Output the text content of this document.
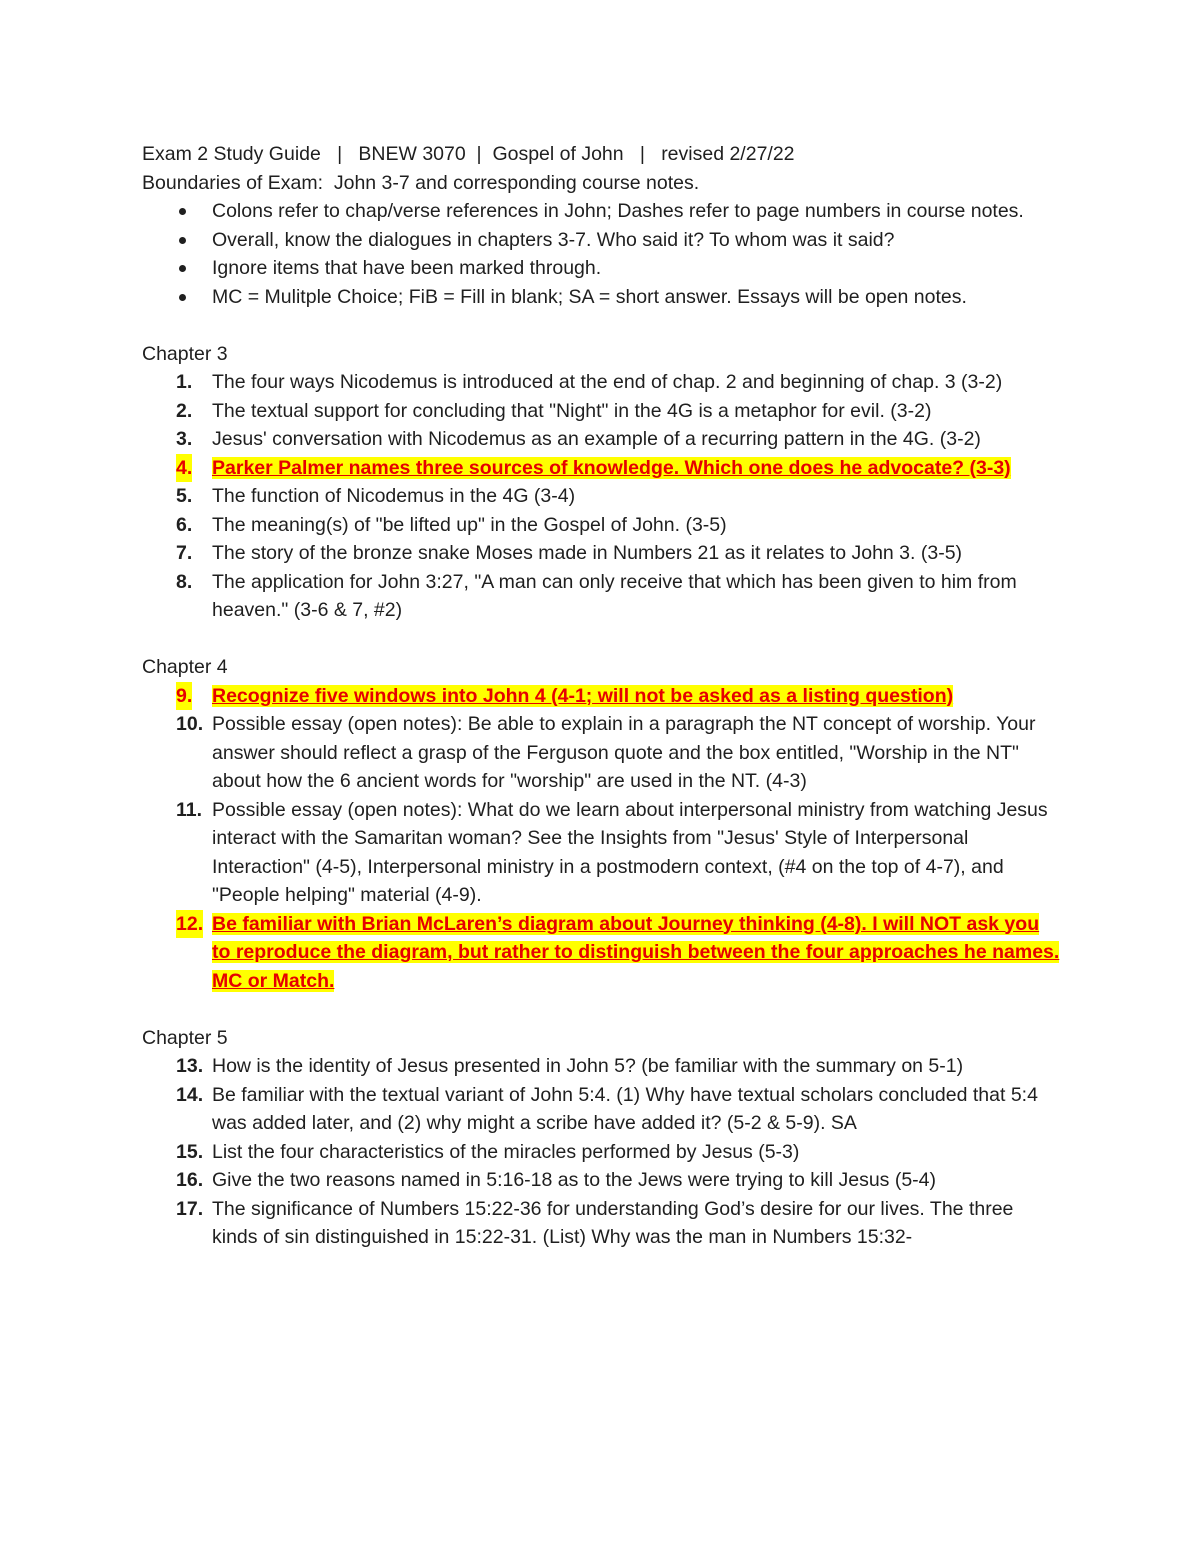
Exam 2 Study Guide   |   BNEW 3070  |  Gospel of John   |   revised 2/27/22

Boundaries of Exam:  John 3-7 and corresponding course notes.

Colons refer to chap/verse references in John; Dashes refer to page numbers in course notes.
Overall, know the dialogues in chapters 3-7. Who said it? To whom was it said?
Ignore items that have been marked through.
MC = Mulitple Choice; FiB = Fill in blank; SA = short answer. Essays will be open notes.

Chapter 3

1. The four ways Nicodemus is introduced at the end of chap. 2 and beginning of chap. 3 (3-2)
2. The textual support for concluding that "Night" in the 4G is a metaphor for evil. (3-2)
3. Jesus' conversation with Nicodemus as an example of a recurring pattern in the 4G. (3-2)
4. Parker Palmer names three sources of knowledge. Which one does he advocate? (3-3)
5. The function of Nicodemus in the 4G (3-4)
6. The meaning(s) of "be lifted up" in the Gospel of John. (3-5)
7. The story of the bronze snake Moses made in Numbers 21 as it relates to John 3. (3-5)
8. The application for John 3:27, "A man can only receive that which has been given to him from heaven." (3-6 & 7, #2)

Chapter 4

9. Recognize five windows into John 4 (4-1; will not be asked as a listing question)
10. Possible essay (open notes): Be able to explain in a paragraph the NT concept of worship. Your answer should reflect a grasp of the Ferguson quote and the box entitled, "Worship in the NT" about how the 6 ancient words for "worship" are used in the NT. (4-3)
11. Possible essay (open notes): What do we learn about interpersonal ministry from watching Jesus interact with the Samaritan woman? See the Insights from "Jesus' Style of Interpersonal Interaction" (4-5), Interpersonal ministry in a postmodern context, (#4 on the top of 4-7), and "People helping" material (4-9).
12. Be familiar with Brian McLaren’s diagram about Journey thinking (4-8). I will NOT ask you to reproduce the diagram, but rather to distinguish between the four approaches he names. MC or Match.

Chapter 5

13. How is the identity of Jesus presented in John 5? (be familiar with the summary on 5-1)
14. Be familiar with the textual variant of John 5:4. (1) Why have textual scholars concluded that 5:4 was added later, and (2) why might a scribe have added it? (5-2 & 5-9). SA
15. List the four characteristics of the miracles performed by Jesus (5-3)
16. Give the two reasons named in 5:16-18 as to the Jews were trying to kill Jesus (5-4)
17. The significance of Numbers 15:22-36 for understanding God’s desire for our lives. The three kinds of sin distinguished in 15:22-31. (List) Why was the man in Numbers 15:32-
